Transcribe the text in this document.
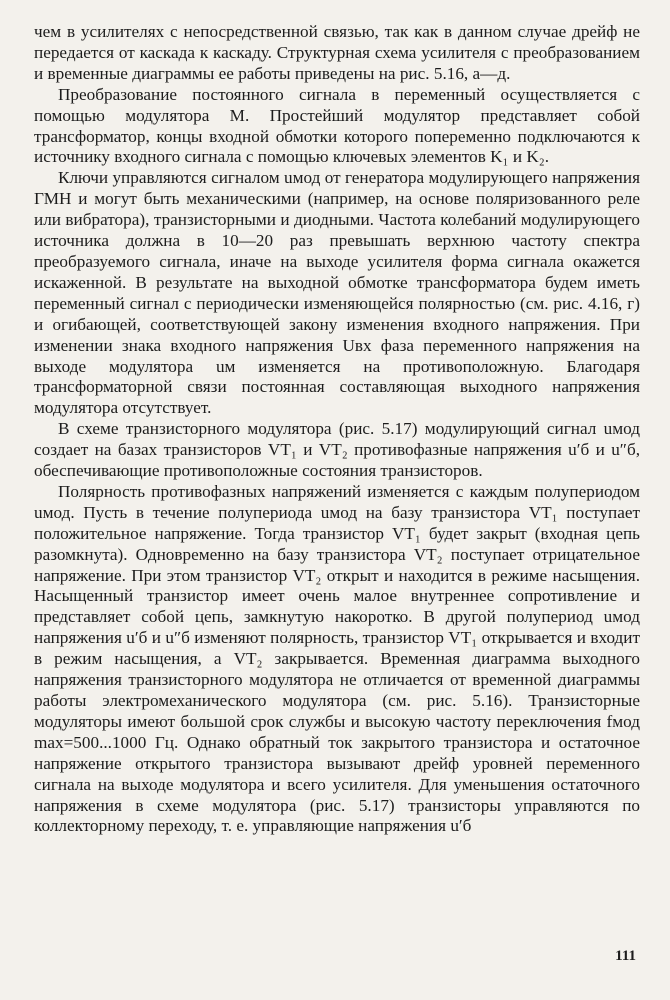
чем в усилителях с непосредственной связью, так как в данном случае дрейф не передается от каскада к каскаду. Структурная схема усилителя с преобразованием и временные диаграммы ее работы приведены на рис. 5.16, а—д.

Преобразование постоянного сигнала в переменный осуществляется с помощью модулятора М. Простейший модулятор представляет собой трансформатор, концы входной обмотки которого попеременно подключаются к источнику входного сигнала с помощью ключевых элементов K₁ и K₂.

Ключи управляются сигналом uмод от генератора модулирующего напряжения ГМН и могут быть механическими (например, на основе поляризованного реле или вибратора), транзисторными и диодными. Частота колебаний модулирующего источника должна в 10—20 раз превышать верхнюю частоту спектра преобразуемого сигнала, иначе на выходе усилителя форма сигнала окажется искаженной. В результате на выходной обмотке трансформатора будем иметь переменный сигнал с периодически изменяющейся полярностью (см. рис. 4.16, г) и огибающей, соответствующей закону изменения входного напряжения. При изменении знака входного напряжения Uвх фаза переменного напряжения на выходе модулятора uм изменяется на противоположную. Благодаря трансформаторной связи постоянная составляющая выходного напряжения модулятора отсутствует.

В схеме транзисторного модулятора (рис. 5.17) модулирующий сигнал uмод создает на базах транзисторов VT₁ и VT₂ противофазные напряжения u′б и u″б, обеспечивающие противоположные состояния транзисторов.

Полярность противофазных напряжений изменяется с каждым полупериодом uмод. Пусть в течение полупериода uмод на базу транзистора VT₁ поступает положительное напряжение. Тогда транзистор VT₁ будет закрыт (входная цепь разомкнута). Одновременно на базу транзистора VT₂ поступает отрицательное напряжение. При этом транзистор VT₂ открыт и находится в режиме насыщения. Насыщенный транзистор имеет очень малое внутреннее сопротивление и представляет собой цепь, замкнутую накоротко. В другой полупериод uмод напряжения u′б и u″б изменяют полярность, транзистор VT₁ открывается и входит в режим насыщения, а VT₂ закрывается. Временная диаграмма выходного напряжения транзисторного модулятора не отличается от временной диаграммы работы электромеханического модулятора (см. рис. 5.16). Транзисторные модуляторы имеют большой срок службы и высокую частоту переключения fмод max=500...1000 Гц. Однако обратный ток закрытого транзистора и остаточное напряжение открытого транзистора вызывают дрейф уровней переменного сигнала на выходе модулятора и всего усилителя. Для уменьшения остаточного напряжения в схеме модулятора (рис. 5.17) транзисторы управляются по коллекторному переходу, т. е. управляющие напряжения u′б

111
